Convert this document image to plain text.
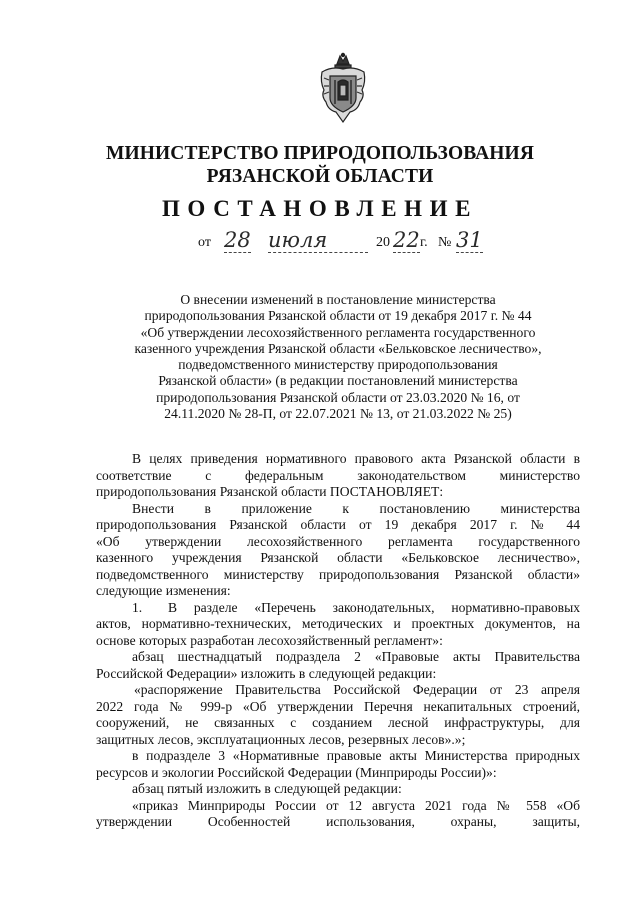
МИНИСТЕРСТВО ПРИРОДОПОЛЬЗОВАНИЯ
РЯЗАНСКОЙ ОБЛАСТИ
ПОСТАНОВЛЕНИЕ
от 28 июля	20 22 г. № 31
О внесении изменений в постановление министерства
природопользования Рязанской области от 19 декабря 2017 г. № 44
«Об утверждении лесохозяйственного регламента государственного
казенного учреждения Рязанской области «Бельковское лесничество»,
подведомственного министерству природопользования
Рязанской области» (в редакции постановлений министерства
природопользования Рязанской области от 23.03.2020 № 16, от
24.11.2020 № 28-П, от 22.07.2021 № 13, от 21.03.2022 № 25)
В целях приведения нормативного правового акта Рязанской области в
соответствие с федеральным законодательством министерство
природопользования Рязанской области ПОСТАНОВЛЯЕТ:
Внести в приложение к постановлению министерства
природопользования Рязанской области от 19 декабря 2017 г. № 44
«Об утверждении лесохозяйственного регламента государственного
казенного учреждения Рязанской области «Бельковское лесничество»,
подведомственного министерству природопользования Рязанской области»
следующие изменения:
1. В разделе «Перечень законодательных, нормативно-правовых
актов, нормативно-технических, методических и проектных документов, на
основе которых разработан лесохозяйственный регламент»:
абзац шестнадцатый подраздела 2 «Правовые акты Правительства
Российской Федерации» изложить в следующей редакции:
«распоряжение Правительства Российской Федерации от 23 апреля
2022 года № 999-р «Об утверждении Перечня некапитальных строений,
сооружений, не связанных с созданием лесной инфраструктуры, для
защитных лесов, эксплуатационных лесов, резервных лесов».»;
в подразделе 3 «Нормативные правовые акты Министерства природных
ресурсов и экологии Российской Федерации (Минприроды России)»:
абзац пятый изложить в следующей редакции:
«приказ Минприроды России от 12 августа 2021 года № 558 «Об
утверждении Особенностей использования, охраны, защиты,
